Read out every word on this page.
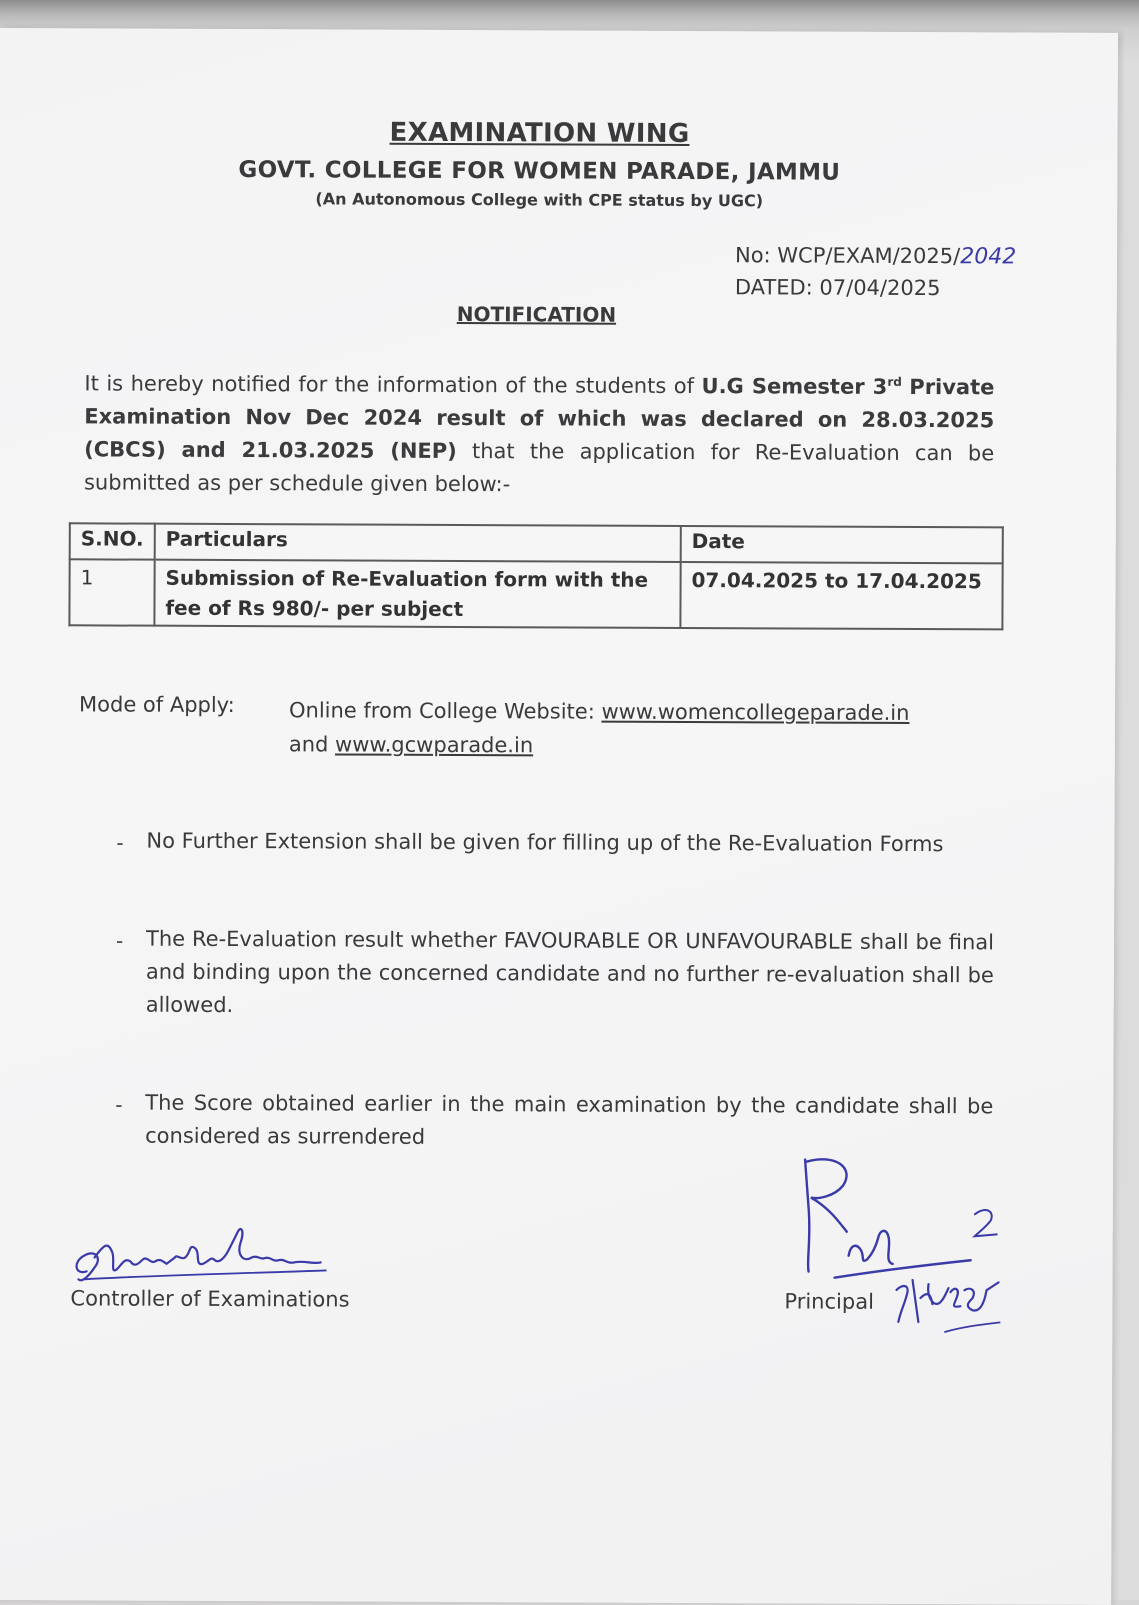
EXAMINATION WING
GOVT. COLLEGE FOR WOMEN PARADE, JAMMU
(An Autonomous College with CPE status by UGC)
No: WCP/EXAM/2025/2042
DATED: 07/04/2025
NOTIFICATION
It is hereby notified for the information of the students of U.G Semester 3rd Private Examination Nov Dec 2024 result of which was declared on 28.03.2025 (CBCS) and 21.03.2025 (NEP) that the application for Re-Evaluation can be submitted as per schedule given below:-
S.NO.	Particulars	Date
1	Submission of Re-Evaluation form with the fee of Rs 980/- per subject	07.04.2025 to 17.04.2025
Mode of Apply:	Online from College Website: www.womencollegeparade.in
and www.gcwparade.in
- No Further Extension shall be given for filling up of the Re-Evaluation Forms
- The Re-Evaluation result whether FAVOURABLE OR UNFAVOURABLE shall be final and binding upon the concerned candidate and no further re-evaluation shall be allowed.
- The Score obtained earlier in the main examination by the candidate shall be considered as surrendered
Controller of Examinations	Principal
